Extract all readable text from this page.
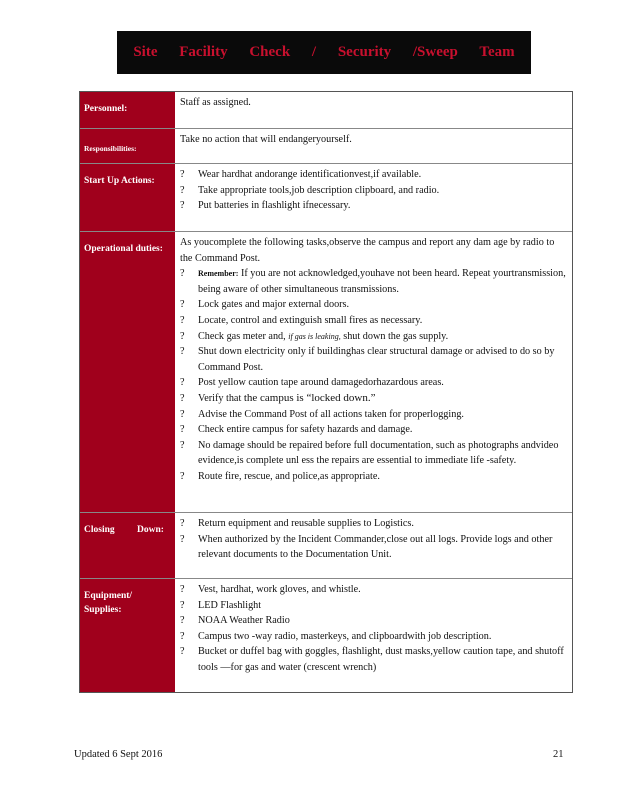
Site Facility Check / Security /Sweep Team
Personnel:
Staff as assigned.
Responsibilities:
Take no action that will endangeryourself.
Start Up Actions:
?	Wear hardhat andorange identificationvest,if available.
?	Take appropriate tools,job description clipboard, and radio.
?	Put batteries in flashlight ifnecessary.
Operational duties:
As youcomplete the following tasks,observe the campus and report any dam age by radio to the Command Post.
?	Remember: If you are not acknowledged,youhave not been heard. Repeat yourtransmission, being aware of other simultaneous transmissions.
?	Lock gates and major external doors.
?	Locate, control and extinguish small fires as necessary.
?	Check gas meter and, if gas is leaking, shut down the gas supply.
?	Shut down electricity only if buildinghas clear structural damage or advised to do so by Command Post.
?	Post yellow caution tape around damagedorhazardous areas.
?	Verify that the campus is “locked down.”
?	Advise the Command Post of all actions taken for properlogging.
?	Check entire campus for safety hazards and damage.
?	No damage should be repaired before full documentation, such as photographs andvideo evidence,is complete unl ess the repairs are essential to immediate life -safety.
?	Route fire, rescue, and police,as appropriate.
Closing Down:
?	Return equipment and reusable supplies to Logistics.
?	When authorized by the Incident Commander,close out all logs. Provide logs and other relevant documents to the Documentation Unit.
Equipment/ Supplies:
?	Vest, hardhat, work gloves, and whistle.
?	LED Flashlight
?	NOAA Weather Radio
?	Campus two -way radio, masterkeys, and clipboardwith job description.
?	Bucket or duffel bag with goggles, flashlight, dust masks,yellow caution tape, and shutoff tools —for gas and water (crescent wrench)
Updated 6 Sept 2016	21
